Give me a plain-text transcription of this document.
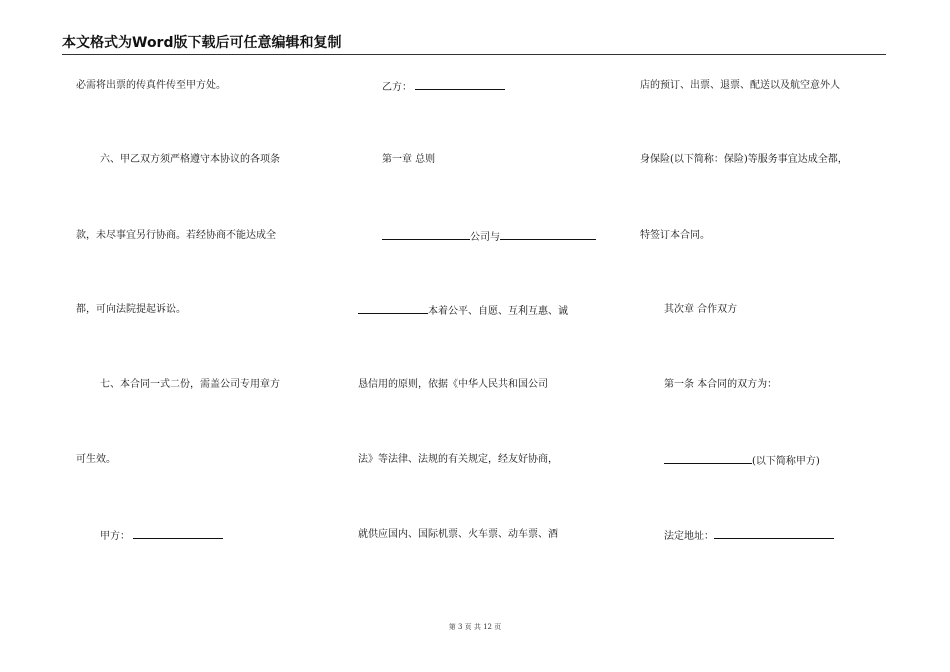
本文格式为Word版下载后可任意编辑和复制
必需将出票的传真件传至甲方处。
六、甲乙双方须严格遵守本协议的各项条
款，未尽事宜另行协商。若经协商不能达成全
都，可向法院提起诉讼。
七、本合同一式二份，需盖公司专用章方
可生效。
甲方：
乙方：
第一章 总则
公司与
本着公平、自愿、互利互惠、诚
恳信用的原则，依据《中华人民共和国公司
法》等法律、法规的有关规定，经友好协商，
就供应国内、国际机票、火车票、动车票、酒
店的预订、出票、退票、配送以及航空意外人
身保险(以下简称：保险)等服务事宜达成全都，
特签订本合同。
其次章 合作双方
第一条 本合同的双方为：
(以下简称甲方)
法定地址：
第 3 页 共 12 页
